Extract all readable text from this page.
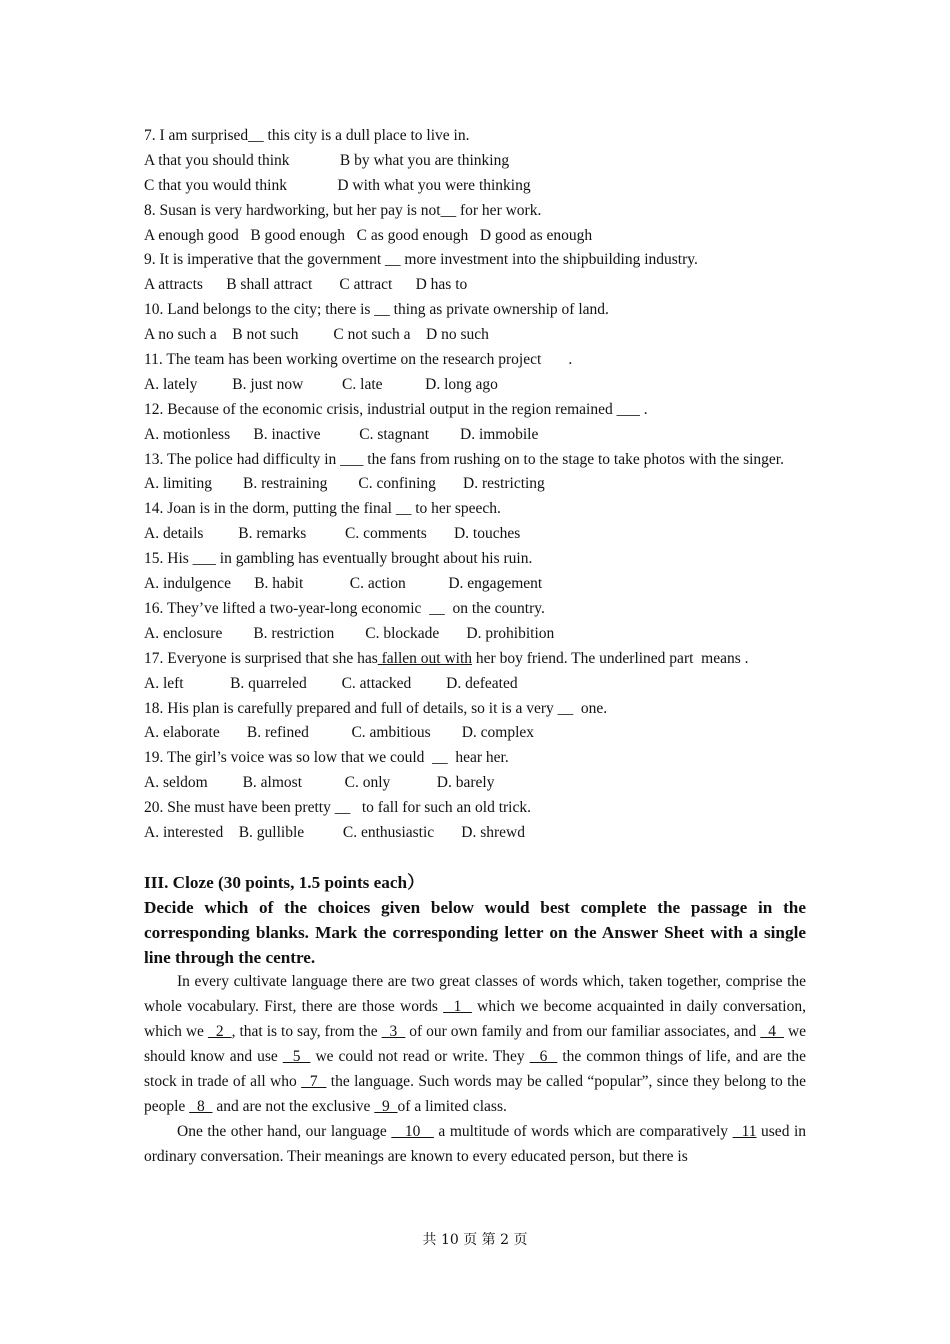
7. I am surprised__ this city is a dull place to live in.
A that you should think             B by what you are thinking
C that you would think             D with what you were thinking
8. Susan is very hardworking, but her pay is not__ for her work.
A enough good   B good enough   C as good enough   D good as enough
9. It is imperative that the government __ more investment into the shipbuilding industry.
A attracts      B shall attract       C attract      D has to
10. Land belongs to the city; there is __ thing as private ownership of land.
A no such a    B not such         C not such a    D no such
11. The team has been working overtime on the research project       .
A. lately         B. just now          C. late           D. long ago
12. Because of the economic crisis, industrial output in the region remained ___ .
A. motionless      B. inactive          C. stagnant        D. immobile
13. The police had difficulty in ___ the fans from rushing on to the stage to take photos with the singer.
A. limiting        B. restraining        C. confining       D. restricting
14. Joan is in the dorm, putting the final __ to her speech.
A. details         B. remarks          C. comments       D. touches
15. His ___ in gambling has eventually brought about his ruin.
A. indulgence      B. habit            C. action           D. engagement
16. They’ve lifted a two-year-long economic  __  on the country.
A. enclosure        B. restriction        C. blockade       D. prohibition
17. Everyone is surprised that she has fallen out with her boy friend. The underlined part  means .
A. left            B. quarreled         C. attacked         D. defeated
18. His plan is carefully prepared and full of details, so it is a very __  one.
A. elaborate       B. refined           C. ambitious        D. complex
19. The girl’s voice was so low that we could  __  hear her.
A. seldom         B. almost           C. only            D. barely
20. She must have been pretty __   to fall for such an old trick.
A. interested    B. gullible          C. enthusiastic       D. shrewd
III. Cloze (30 points, 1.5 points each）
Decide which of the choices given below would best complete the passage in the corresponding blanks. Mark the corresponding letter on the Answer Sheet with a single line through the centre.
In every cultivate language there are two great classes of words which, taken together, comprise the whole vocabulary. First, there are those words   1   which we become acquainted in daily conversation, which we   2  , that is to say, from the   3   of our own family and from our familiar associates, and   4   we should know and use   5   we could not read or write. They   6   the common things of life, and are the stock in trade of all who   7   the language. Such words may be called “popular”, since they belong to the people   8   and are not the exclusive   9  of a limited class.
One the other hand, our language    10    a multitude of words which are comparatively   11 used in ordinary conversation. Their meanings are known to every educated person, but there is
共 10 页 第 2 页
